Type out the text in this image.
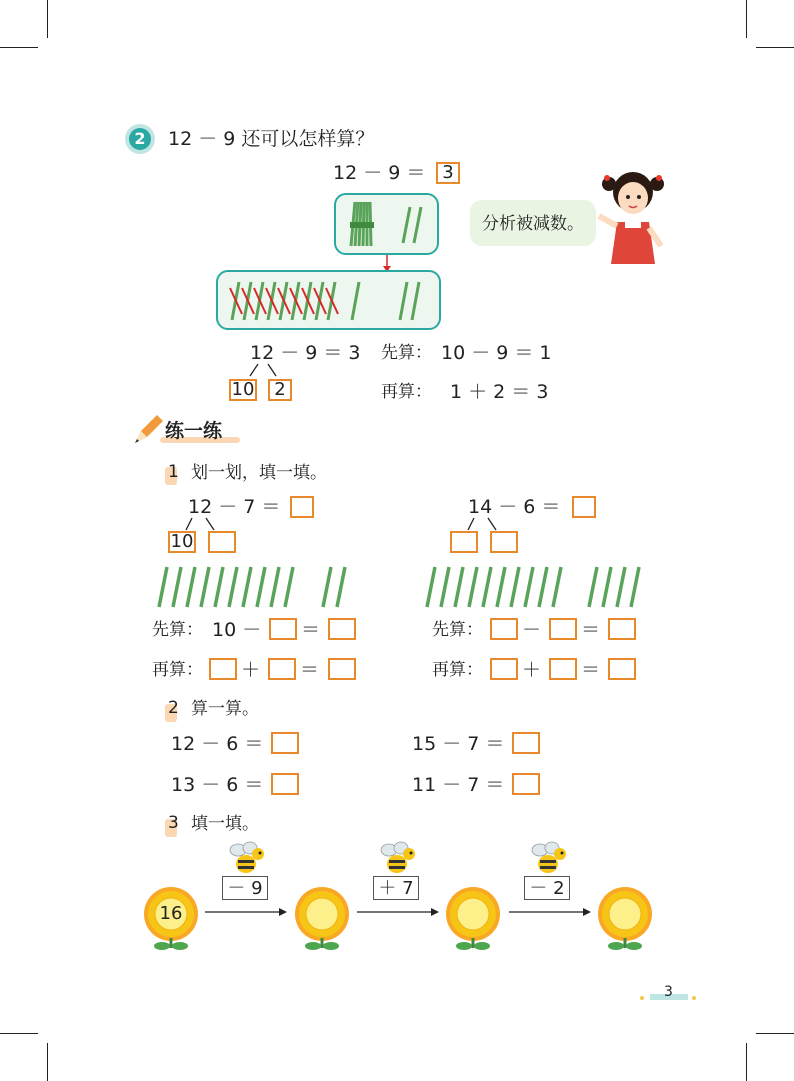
2 12 － 9 还可以怎样算？
12 － 9 ＝ 3
分析被减数。
12 － 9 ＝ 3
10	2
先算： 10 － 9 ＝ 1
再算： 1 ＋ 2 ＝ 3
练一练
1 划一划，填一填。
12 － 7 ＝
10
先算： 10 － ＝
再算： ＋ ＝
14 － 6 ＝
先算： － ＝
再算： ＋ ＝
2 算一算。
12 － 6 ＝	15 － 7 ＝
13 － 6 ＝	11 － 7 ＝
3 填一填。
16
－ 9	＋ 7	－ 2
3
